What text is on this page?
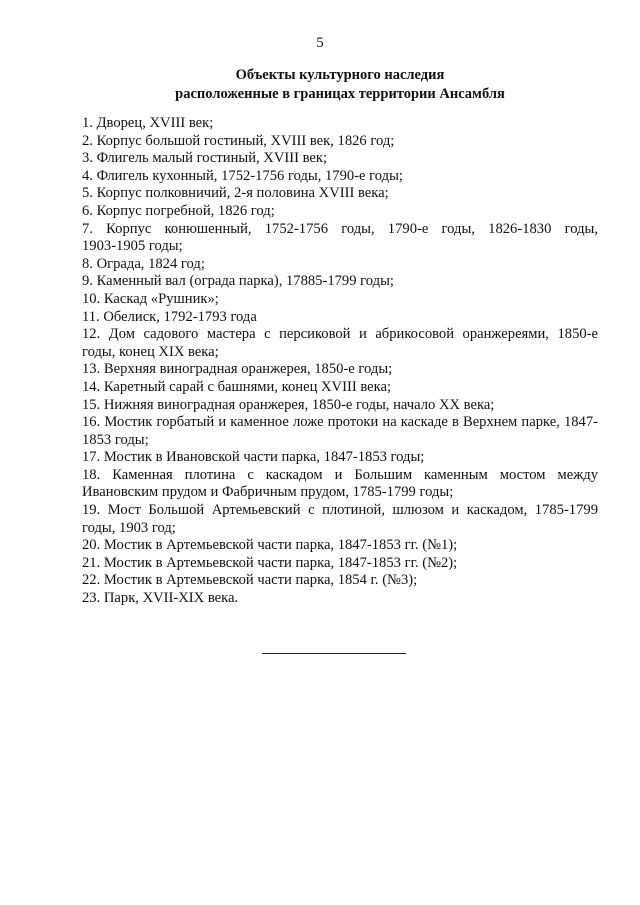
5
Объекты культурного наследия
расположенные в границах территории Ансамбля
1. Дворец, XVIII век;
2. Корпус большой гостиный, XVIII век, 1826 год;
3. Флигель малый гостиный, XVIII век;
4. Флигель кухонный, 1752-1756 годы, 1790-е годы;
5. Корпус полковничий, 2-я половина XVIII века;
6. Корпус погребной, 1826 год;
7. Корпус конюшенный, 1752-1756 годы, 1790-е годы, 1826-1830 годы,
1903-1905 годы;
8. Ограда, 1824 год;
9. Каменный вал (ограда парка), 17885-1799 годы;
10. Каскад «Рушник»;
11. Обелиск, 1792-1793 года
12. Дом садового мастера с персиковой и абрикосовой оранжереями, 1850-е
годы, конец XIX века;
13. Верхняя виноградная оранжерея, 1850-е годы;
14. Каретный сарай с башнями, конец XVIII века;
15. Нижняя виноградная оранжерея, 1850-е годы, начало XX века;
16. Мостик горбатый и каменное ложе протоки на каскаде в Верхнем парке, 1847-
1853 годы;
17. Мостик в Ивановской части парка, 1847-1853 годы;
18. Каменная плотина с каскадом и Большим каменным мостом между
Ивановским прудом и Фабричным прудом, 1785-1799 годы;
19. Мост Большой Артемьевский с плотиной, шлюзом и каскадом, 1785-1799
годы, 1903 год;
20. Мостик в Артемьевской части парка, 1847-1853 гг. (№1);
21. Мостик в Артемьевской части парка, 1847-1853 гг. (№2);
22. Мостик в Артемьевской части парка, 1854 г. (№3);
23. Парк, XVII-XIX века.
